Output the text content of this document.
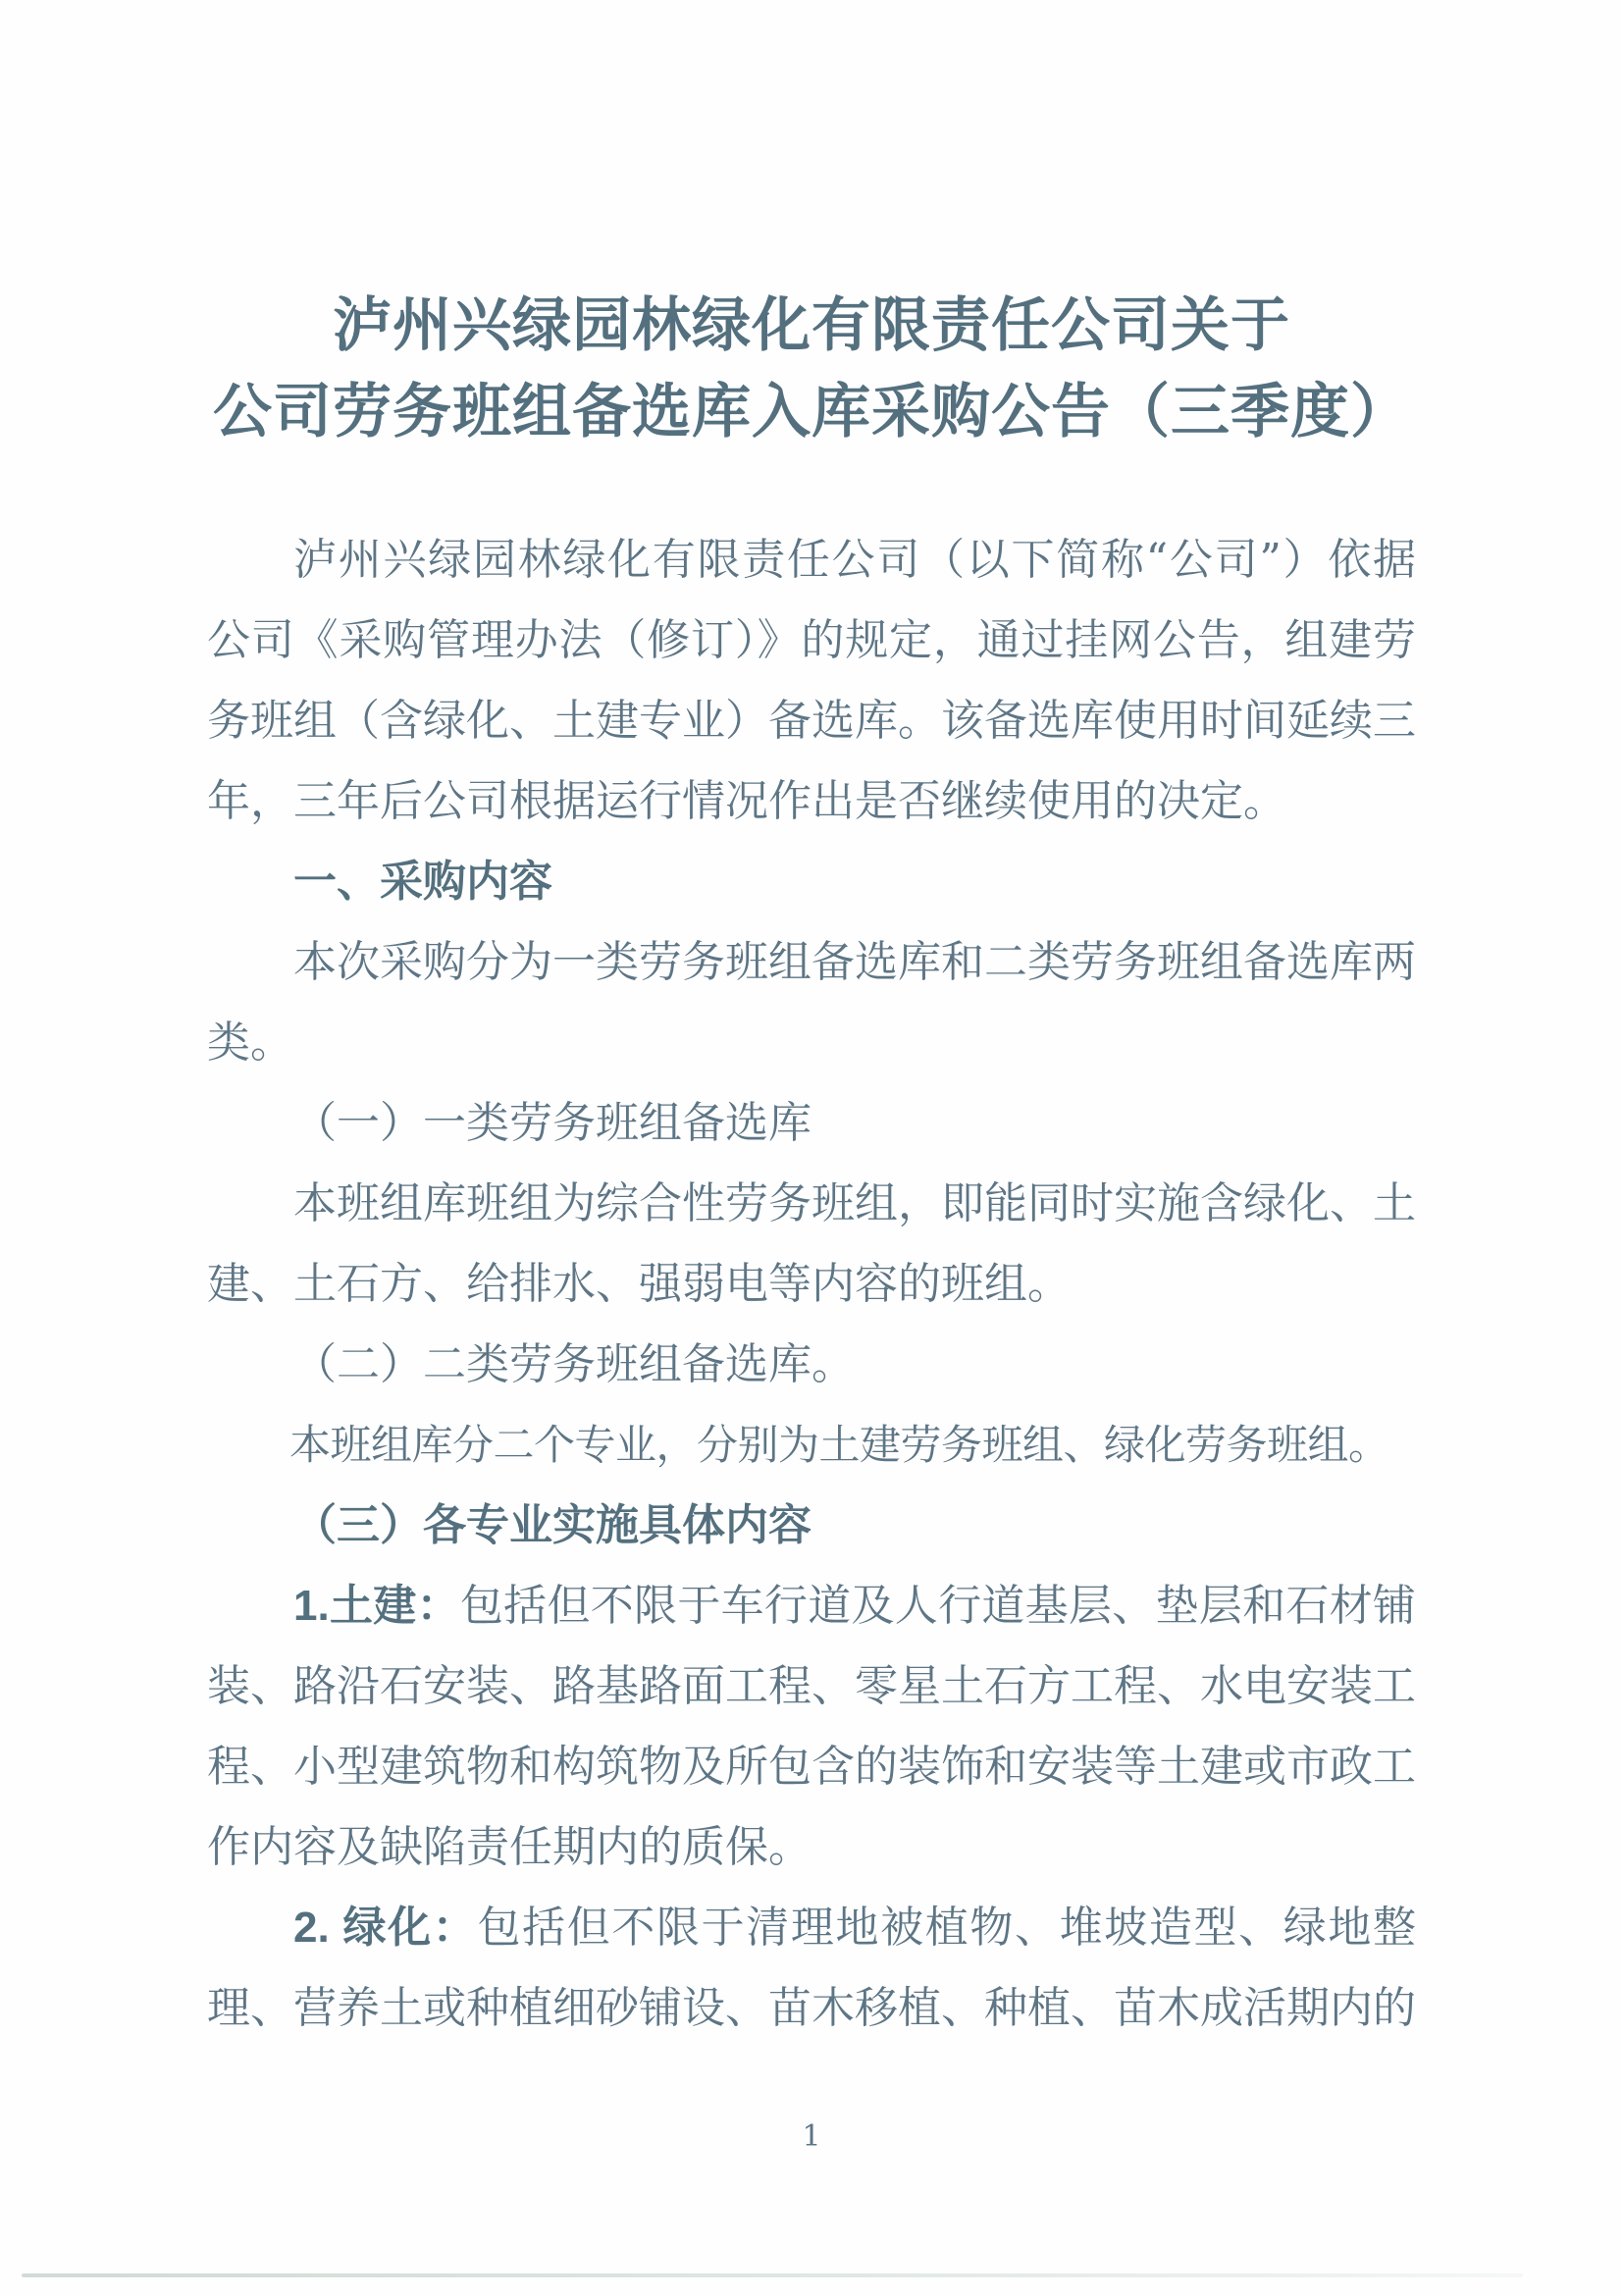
泸州兴绿园林绿化有限责任公司关于
公司劳务班组备选库入库采购公告（三季度）

泸州兴绿园林绿化有限责任公司（以下简称“公司”）依据公司《采购管理办法（修订）》的规定，通过挂网公告，组建劳务班组（含绿化、土建专业）备选库。该备选库使用时间延续三年，三年后公司根据运行情况作出是否继续使用的决定。

一、采购内容

本次采购分为一类劳务班组备选库和二类劳务班组备选库两类。

（一）一类劳务班组备选库

本班组库班组为综合性劳务班组，即能同时实施含绿化、土建、土石方、给排水、强弱电等内容的班组。

（二）二类劳务班组备选库。

本班组库分二个专业，分别为土建劳务班组、绿化劳务班组。

（三）各专业实施具体内容

1.土建：包括但不限于车行道及人行道基层、垫层和石材铺装、路沿石安装、路基路面工程、零星土石方工程、水电安装工程、小型建筑物和构筑物及所包含的装饰和安装等土建或市政工作内容及缺陷责任期内的质保。

2. 绿化：包括但不限于清理地被植物、堆坡造型、绿地整理、营养土或种植细砂铺设、苗木移植、种植、苗木成活期内的

1
